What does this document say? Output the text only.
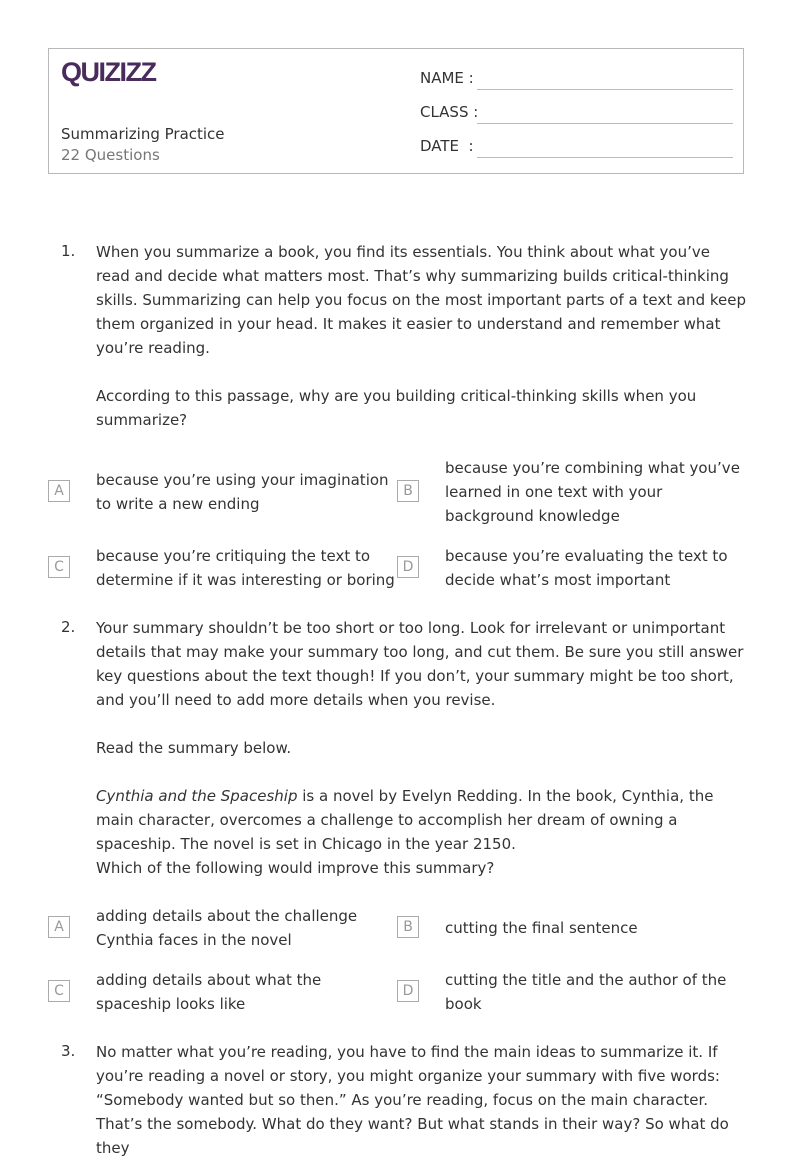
QUIZIZZ
Summarizing Practice
22 Questions
NAME :
CLASS :
DATE  :
1. When you summarize a book, you find its essentials. You think about what you’ve read and decide what matters most. That’s why summarizing builds critical-thinking skills. Summarizing can help you focus on the most important parts of a text and keep them organized in your head. It makes it easier to understand and remember what you’re reading.

According to this passage, why are you building critical-thinking skills when you summarize?

A
because you’re using your imagination to write a new ending
B
because you’re combining what you’ve learned in one text with your background knowledge
C
because you’re critiquing the text to determine if it was interesting or boring
D
because you’re evaluating the text to decide what’s most important
2. Your summary shouldn’t be too short or too long. Look for irrelevant or unimportant details that may make your summary too long, and cut them. Be sure you still answer key questions about the text though! If you don’t, your summary might be too short, and you’ll need to add more details when you revise.

Read the summary below.

Cynthia and the Spaceship is a novel by Evelyn Redding. In the book, Cynthia, the main character, overcomes a challenge to accomplish her dream of owning a spaceship. The novel is set in Chicago in the year 2150.

Which of the following would improve this summary?

A
adding details about the challenge Cynthia faces in the novel
B	cutting the final sentence
C
adding details about what the spaceship looks like
D
cutting the title and the author of the book
3. No matter what you’re reading, you have to find the main ideas to summarize it. If you’re reading a novel or story, you might organize your summary with five words: “Somebody wanted but so then.” As you’re reading, focus on the main character. That’s the somebody. What do they want? But what stands in their way? So what do they
